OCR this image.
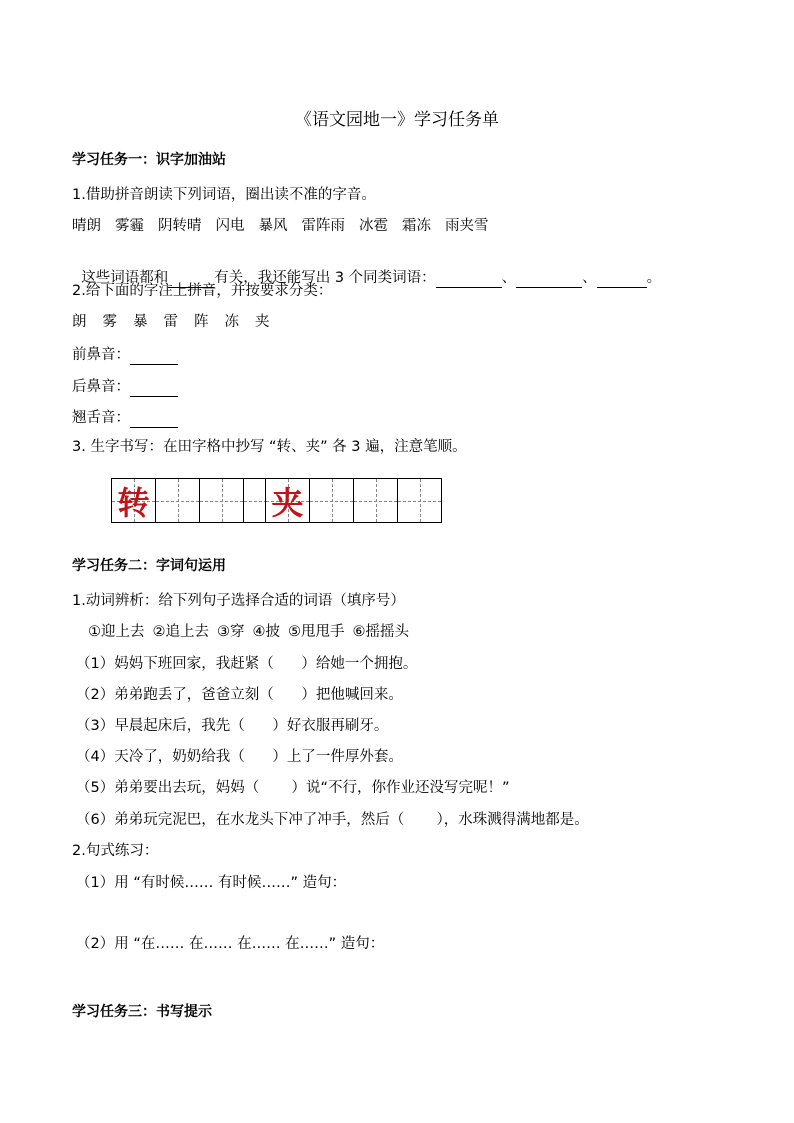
《语文园地一》学习任务单
学习任务一：识字加油站
1.借助拼音朗读下列词语，圈出读不准的字音。
晴朗 雾霾 阴转晴 闪电 暴风 雷阵雨 冰雹 霜冻 雨夹雪

这些词语都和	有关，我还能写出 3 个同类词语：	、	、	。

2.给下面的字注上拼音，并按要求分类：
朗 雾 暴 雷 阵 冻 夹
前鼻音：
后鼻音：
翘舌音：
3. 生字书写：在田字格中抄写 “转、夹” 各 3 遍，注意笔顺。
转	夹
学习任务二：字词句运用
1.动词辨析：给下列句子选择合适的词语（填序号）
①迎上去 ②追上去 ③穿 ④披 ⑤甩甩手 ⑥摇摇头
（1）妈妈下班回家，我赶紧（      ）给她一个拥抱。
（2）弟弟跑丢了，爸爸立刻（      ）把他喊回来。
（3）早晨起床后，我先（      ）好衣服再刷牙。
（4）天冷了，奶奶给我（      ）上了一件厚外套。
（5）弟弟要出去玩，妈妈（       ）说“不行，你作业还没写完呢！”
（6）弟弟玩完泥巴，在水龙头下冲了冲手，然后（       ），水珠溅得满地都是。
2.句式练习：
（1）用 “有时候…… 有时候……” 造句：
（2）用 “在…… 在…… 在…… 在……” 造句：
学习任务三：书写提示
